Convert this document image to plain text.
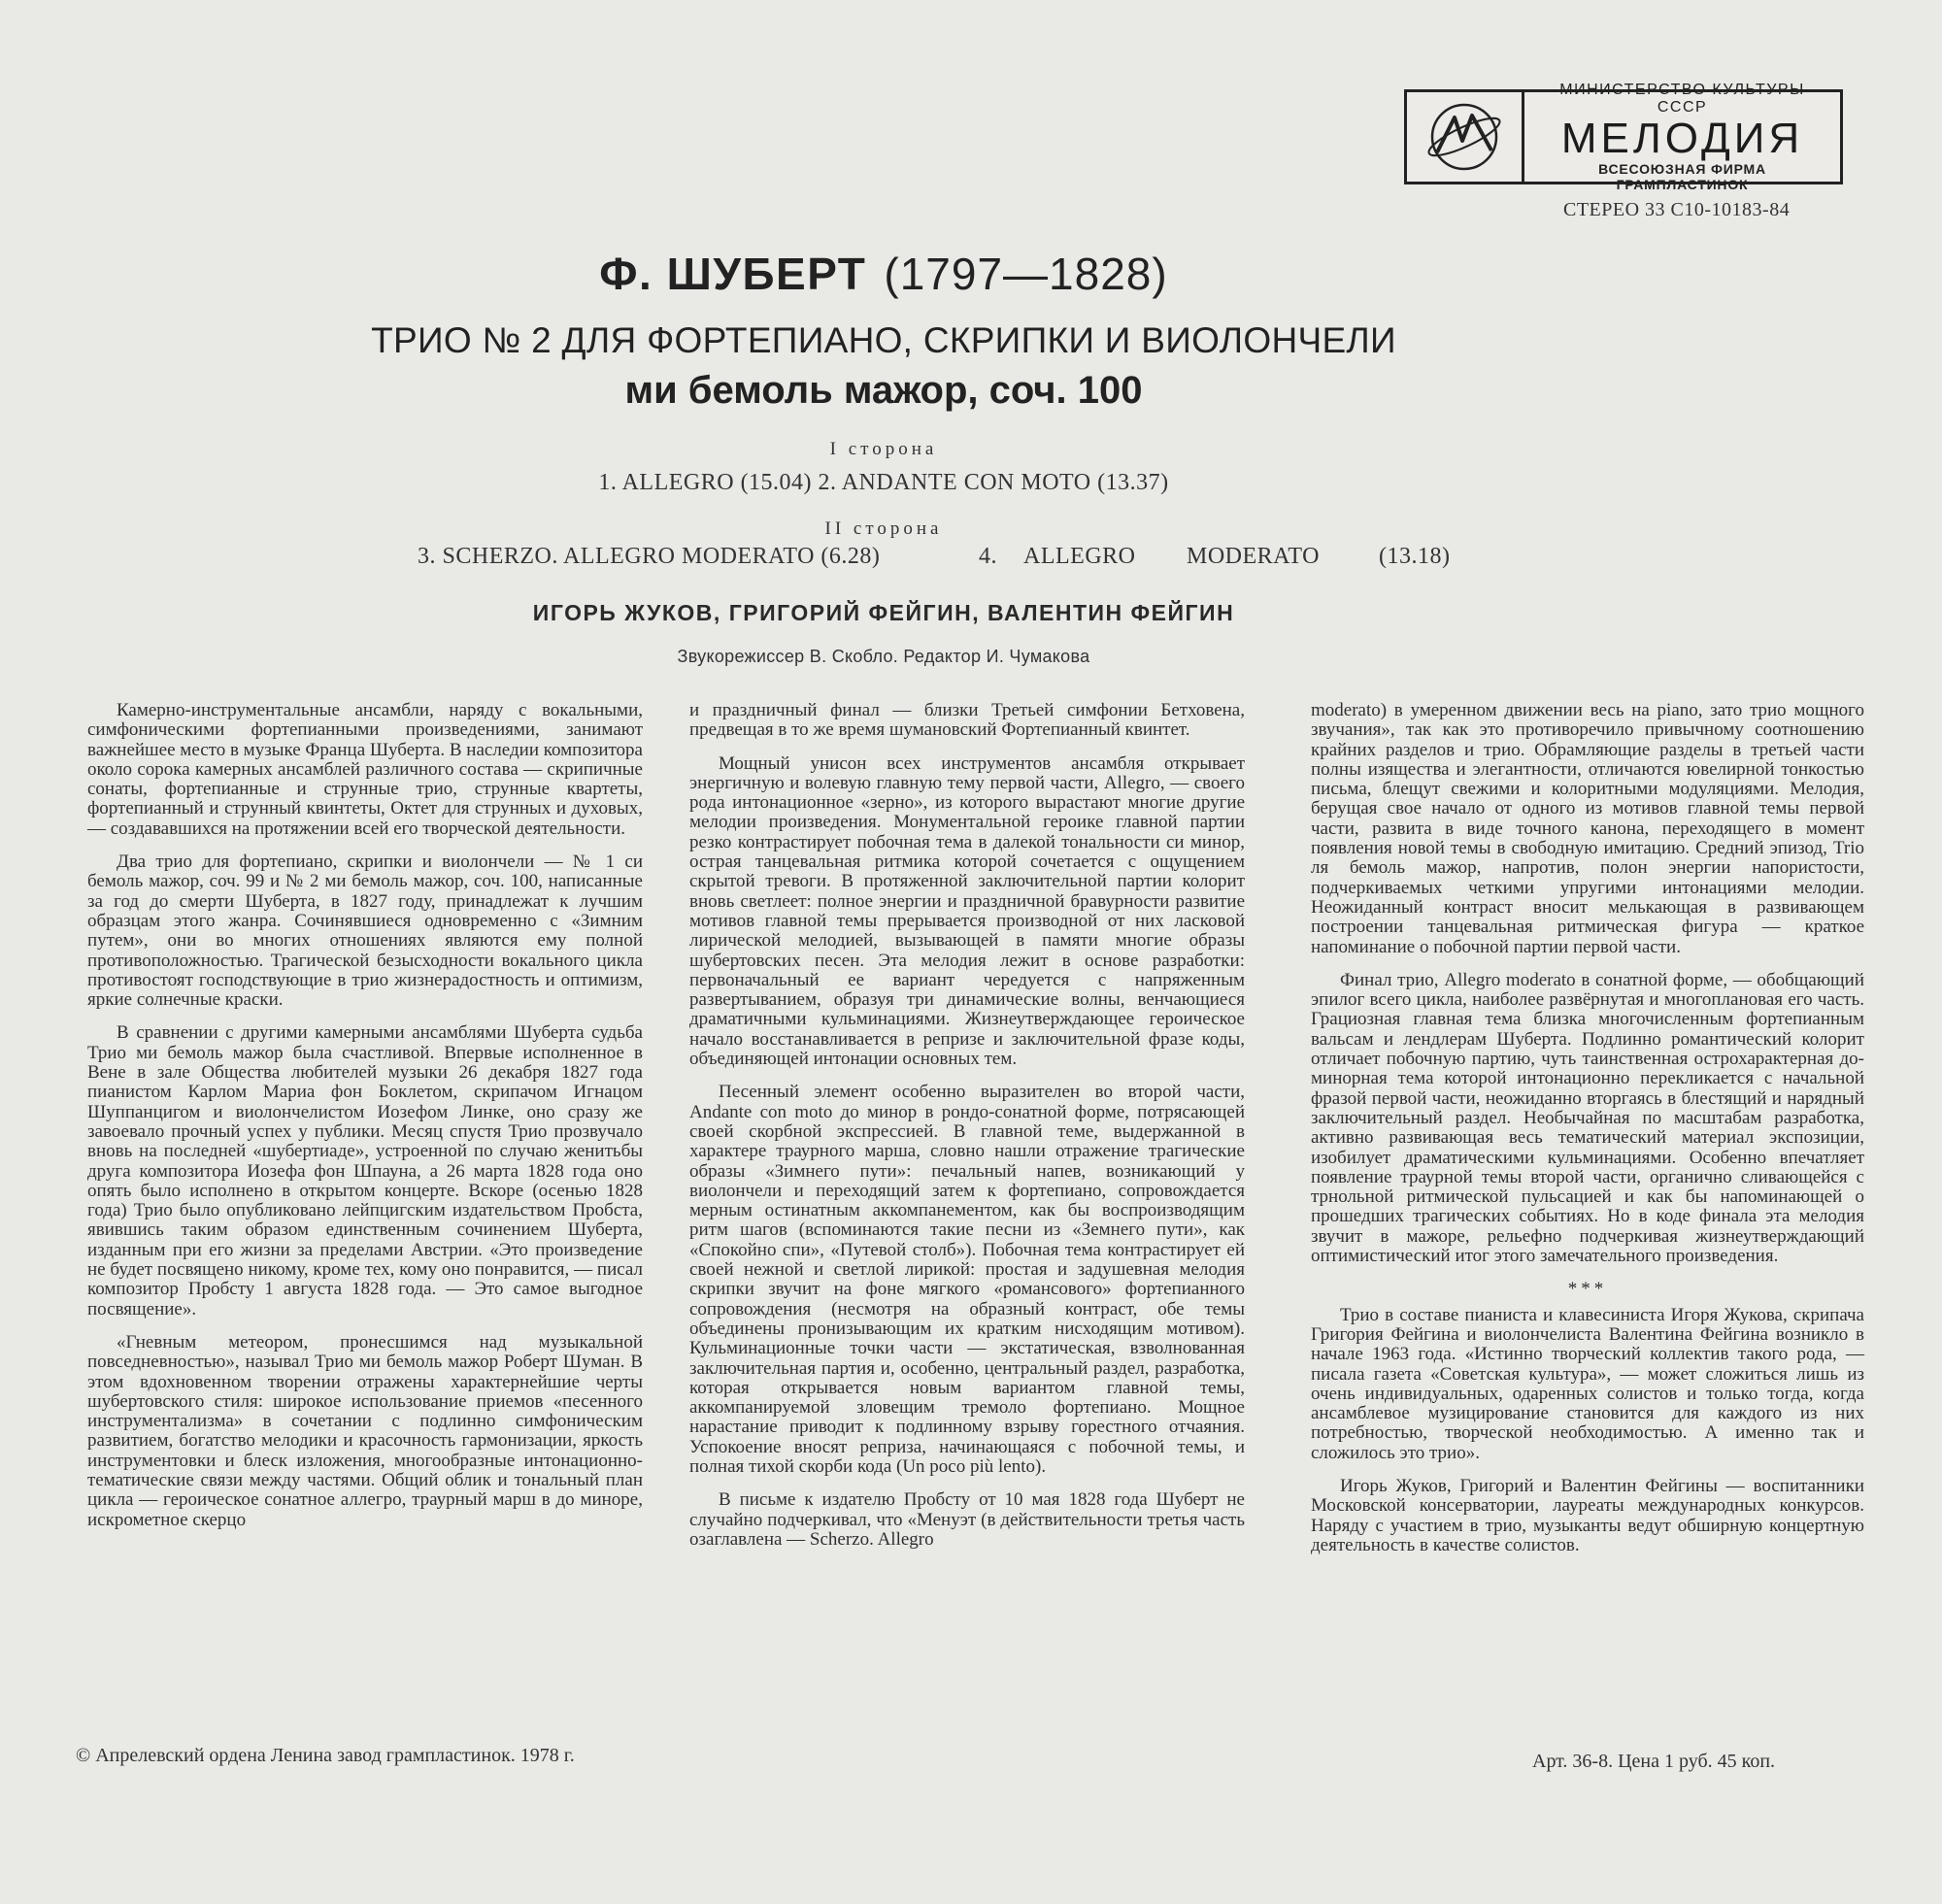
МИНИСТЕРСТВО КУЛЬТУРЫ СССР
МЕЛОДИЯ
ВСЕСОЮЗНАЯ ФИРМА ГРАМПЛАСТИНОК
СТЕРЕО 33 С10-10183-84
Ф. ШУБЕРТ (1797—1828)
ТРИО № 2 ДЛЯ ФОРТЕПИАНО, СКРИПКИ И ВИОЛОНЧЕЛИ
ми бемоль мажор, соч. 100
I сторона
1. ALLEGRO (15.04) 2. ANDANTE CON MOTO (13.37)
II сторона
3. SCHERZO. ALLEGRO MODERATO (6.28)	4. ALLEGRO MODERATO	(13.18)
ИГОРЬ ЖУКОВ, ГРИГОРИЙ ФЕЙГИН, ВАЛЕНТИН ФЕЙГИН
Звукорежиссер В. Скобло. Редактор И. Чумакова

Камерно-инструментальные ансамбли, наряду с вокальными, симфоническими фортепианными произведениями, занимают важнейшее место в музыке Франца Шуберта. В наследии композитора около сорока камерных ансамблей различного состава — скрипичные сонаты, фортепианные и струнные трио, струнные квартеты, фортепианный и струнный квинтеты, Октет для струнных и духовых, — создававшихся на протяжении всей его творческой деятельности.

Два трио для фортепиано, скрипки и виолончели — № 1 си бемоль мажор, соч. 99 и № 2 ми бемоль мажор, соч. 100, написанные за год до смерти Шуберта, в 1827 году, принадлежат к лучшим образцам этого жанра. Сочинявшиеся одновременно с «Зимним путем», они во многих отношениях являются ему полной противоположностью. Трагической безысходности вокального цикла противостоят господствующие в трио жизнерадостность и оптимизм, яркие солнечные краски.

В сравнении с другими камерными ансамблями Шуберта судьба Трио ми бемоль мажор была счастливой. Впервые исполненное в Вене в зале Общества любителей музыки 26 декабря 1827 года пианистом Карлом Мариа фон Боклетом, скрипачом Игнацом Шуппанцигом и виолончелистом Иозефом Линке, оно сразу же завоевало прочный успех у публики. Месяц спустя Трио прозвучало вновь на последней «шубертиаде», устроенной по случаю женитьбы друга композитора Иозефа фон Шпауна, а 26 марта 1828 года оно опять было исполнено в открытом концерте. Вскоре (осенью 1828 года) Трио было опубликовано лейпцигским издательством Пробста, явившись таким образом единственным сочинением Шуберта, изданным при его жизни за пределами Австрии. «Это произведение не будет посвящено никому, кроме тех, кому оно понравится, — писал композитор Пробсту 1 августа 1828 года. — Это самое выгодное посвящение».

«Гневным метеором, пронесшимся над музыкальной повседневностью», называл Трио ми бемоль мажор Роберт Шуман. В этом вдохновенном творении отражены характернейшие черты шубертовского стиля: широкое использование приемов «песенного инструментализма» в сочетании с подлинно симфоническим развитием, богатство мелодики и красочность гармонизации, яркость инструментовки и блеск изложения, многообразные интонационно-тематические связи между частями. Общий облик и тональный план цикла — героическое сонатное аллегро, траурный марш в до миноре, искрометное скерцо

и праздничный финал — близки Третьей симфонии Бетховена, предвещая в то же время шумановский Фортепианный квинтет.

Мощный унисон всех инструментов ансамбля открывает энергичную и волевую главную тему первой части, Allegro, — своего рода интонационное «зерно», из которого вырастают многие другие мелодии произведения. Монументальной героике главной партии резко контрастирует побочная тема в далекой тональности си минор, острая танцевальная ритмика которой сочетается с ощущением скрытой тревоги. В протяженной заключительной партии колорит вновь светлеет: полное энергии и праздничной бравурности развитие мотивов главной темы прерывается производной от них ласковой лирической мелодией, вызывающей в памяти многие образы шубертовских песен. Эта мелодия лежит в основе разработки: первоначальный ее вариант чередуется с напряженным развертыванием, образуя три динамические волны, венчающиеся драматичными кульминациями. Жизнеутверждающее героическое начало восстанавливается в репризе и заключительной фразе коды, объединяющей интонации основных тем.

Песенный элемент особенно выразителен во второй части, Andante con moto до минор в рондо-сонатной форме, потрясающей своей скорбной экспрессией. В главной теме, выдержанной в характере траурного марша, словно нашли отражение трагические образы «Зимнего пути»: печальный напев, возникающий у виолончели и переходящий затем к фортепиано, сопровождается мерным остинатным аккомпанементом, как бы воспроизводящим ритм шагов (вспоминаются такие песни из «Земнего пути», как «Спокойно спи», «Путевой столб»). Побочная тема контрастирует ей своей нежной и светлой лирикой: простая и задушевная мелодия скрипки звучит на фоне мягкого «романсового» фортепианного сопровождения (несмотря на образный контраст, обе темы объединены пронизывающим их кратким нисходящим мотивом). Кульминационные точки части — экстатическая, взволнованная заключительная партия и, особенно, центральный раздел, разработка, которая открывается новым вариантом главной темы, аккомпанируемой зловещим тремоло фортепиано. Мощное нарастание приводит к подлинному взрыву горестного отчаяния. Успокоение вносят реприза, начинающаяся с побочной темы, и полная тихой скорби кода (Un poco più lento).

В письме к издателю Пробсту от 10 мая 1828 года Шуберт не случайно подчеркивал, что «Менуэт (в действительности третья часть озаглавлена — Scherzo. Allegro

moderato) в умеренном движении весь на piano, зато трио мощного звучания», так как это противоречило привычному соотношению крайних разделов и трио. Обрамляющие разделы в третьей части полны изящества и элегантности, отличаются ювелирной тонкостью письма, блещут свежими и колоритными модуляциями. Мелодия, берущая свое начало от одного из мотивов главной темы первой части, развита в виде точного канона, переходящего в момент появления новой темы в свободную имитацию. Средний эпизод, Trio ля бемоль мажор, напротив, полон энергии напористости, подчеркиваемых четкими упругими интонациями мелодии. Неожиданный контраст вносит мелькающая в развивающем построении танцевальная ритмическая фигура — краткое напоминание о побочной партии первой части.

Финал трио, Allegro moderato в сонатной форме, — обобщающий эпилог всего цикла, наиболее развёрнутая и многоплановая его часть. Грациозная главная тема близка многочисленным фортепианным вальсам и лендлерам Шуберта. Подлинно романтический колорит отличает побочную партию, чуть таинственная острохарактерная до-минорная тема которой интонационно перекликается с начальной фразой первой части, неожиданно вторгаясь в блестящий и нарядный заключительный раздел. Необычайная по масштабам разработка, активно развивающая весь тематический материал экспозиции, изобилует драматическими кульминациями. Особенно впечатляет появление траурной темы второй части, органично сливающейся с трнольной ритмической пульсацией и как бы напоминающей о прошедших трагических событиях. Но в коде финала эта мелодия звучит в мажоре, рельефно подчеркивая жизнеутверждающий оптимистический итог этого замечательного произведения.

***

Трио в составе пианиста и клавесиниста Игоря Жукова, скрипача Григория Фейгина и виолончелиста Валентина Фейгина возникло в начале 1963 года. «Истинно творческий коллектив такого рода, — писала газета «Советская культура», — может сложиться лишь из очень индивидуальных, одаренных солистов и только тогда, когда ансамблевое музицирование становится для каждого из них потребностью, творческой необходимостью. А именно так и сложилось это трио».

Игорь Жуков, Григорий и Валентин Фейгины — воспитанники Московской консерватории, лауреаты международных конкурсов. Наряду с участием в трио, музыканты ведут обширную концертную деятельность в качестве солистов.

© Апрелевский ордена Ленина завод грампластинок. 1978 г.	Арт. 36-8. Цена 1 руб. 45 коп.
